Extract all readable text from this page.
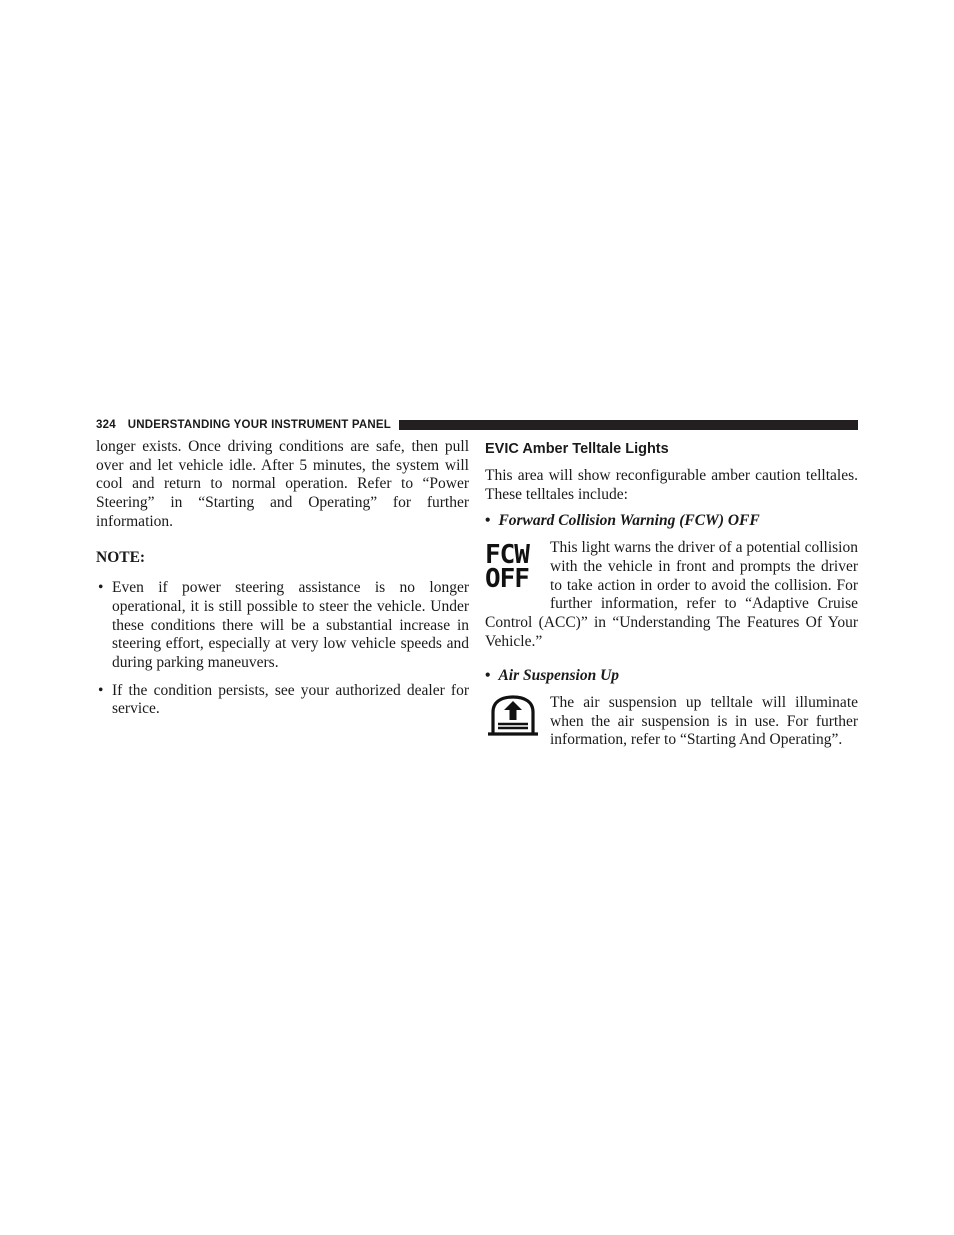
324 UNDERSTANDING YOUR INSTRUMENT PANEL

longer exists. Once driving conditions are safe, then pull over and let vehicle idle. After 5 minutes, the system will cool and return to normal operation. Refer to “Power Steering” in “Starting and Operating” for further information.

NOTE:

• Even if power steering assistance is no longer operational, it is still possible to steer the vehicle. Under these conditions there will be a substantial increase in steering effort, especially at very low vehicle speeds and during parking maneuvers.
• If the condition persists, see your authorized dealer for service.
EVIC Amber Telltale Lights

This area will show reconfigurable amber caution telltales. These telltales include:

• Forward Collision Warning (FCW) OFF
FCW
OFF

This light warns the driver of a potential collision with the vehicle in front and prompts the driver to take action in order to avoid the collision. For further information, refer to “Adaptive Cruise Control (ACC)” in “Understanding The Features Of Your Vehicle.”

• Air Suspension Up

The air suspension up telltale will illuminate when the air suspension is in use. For further information, refer to “Starting And Operating”.
